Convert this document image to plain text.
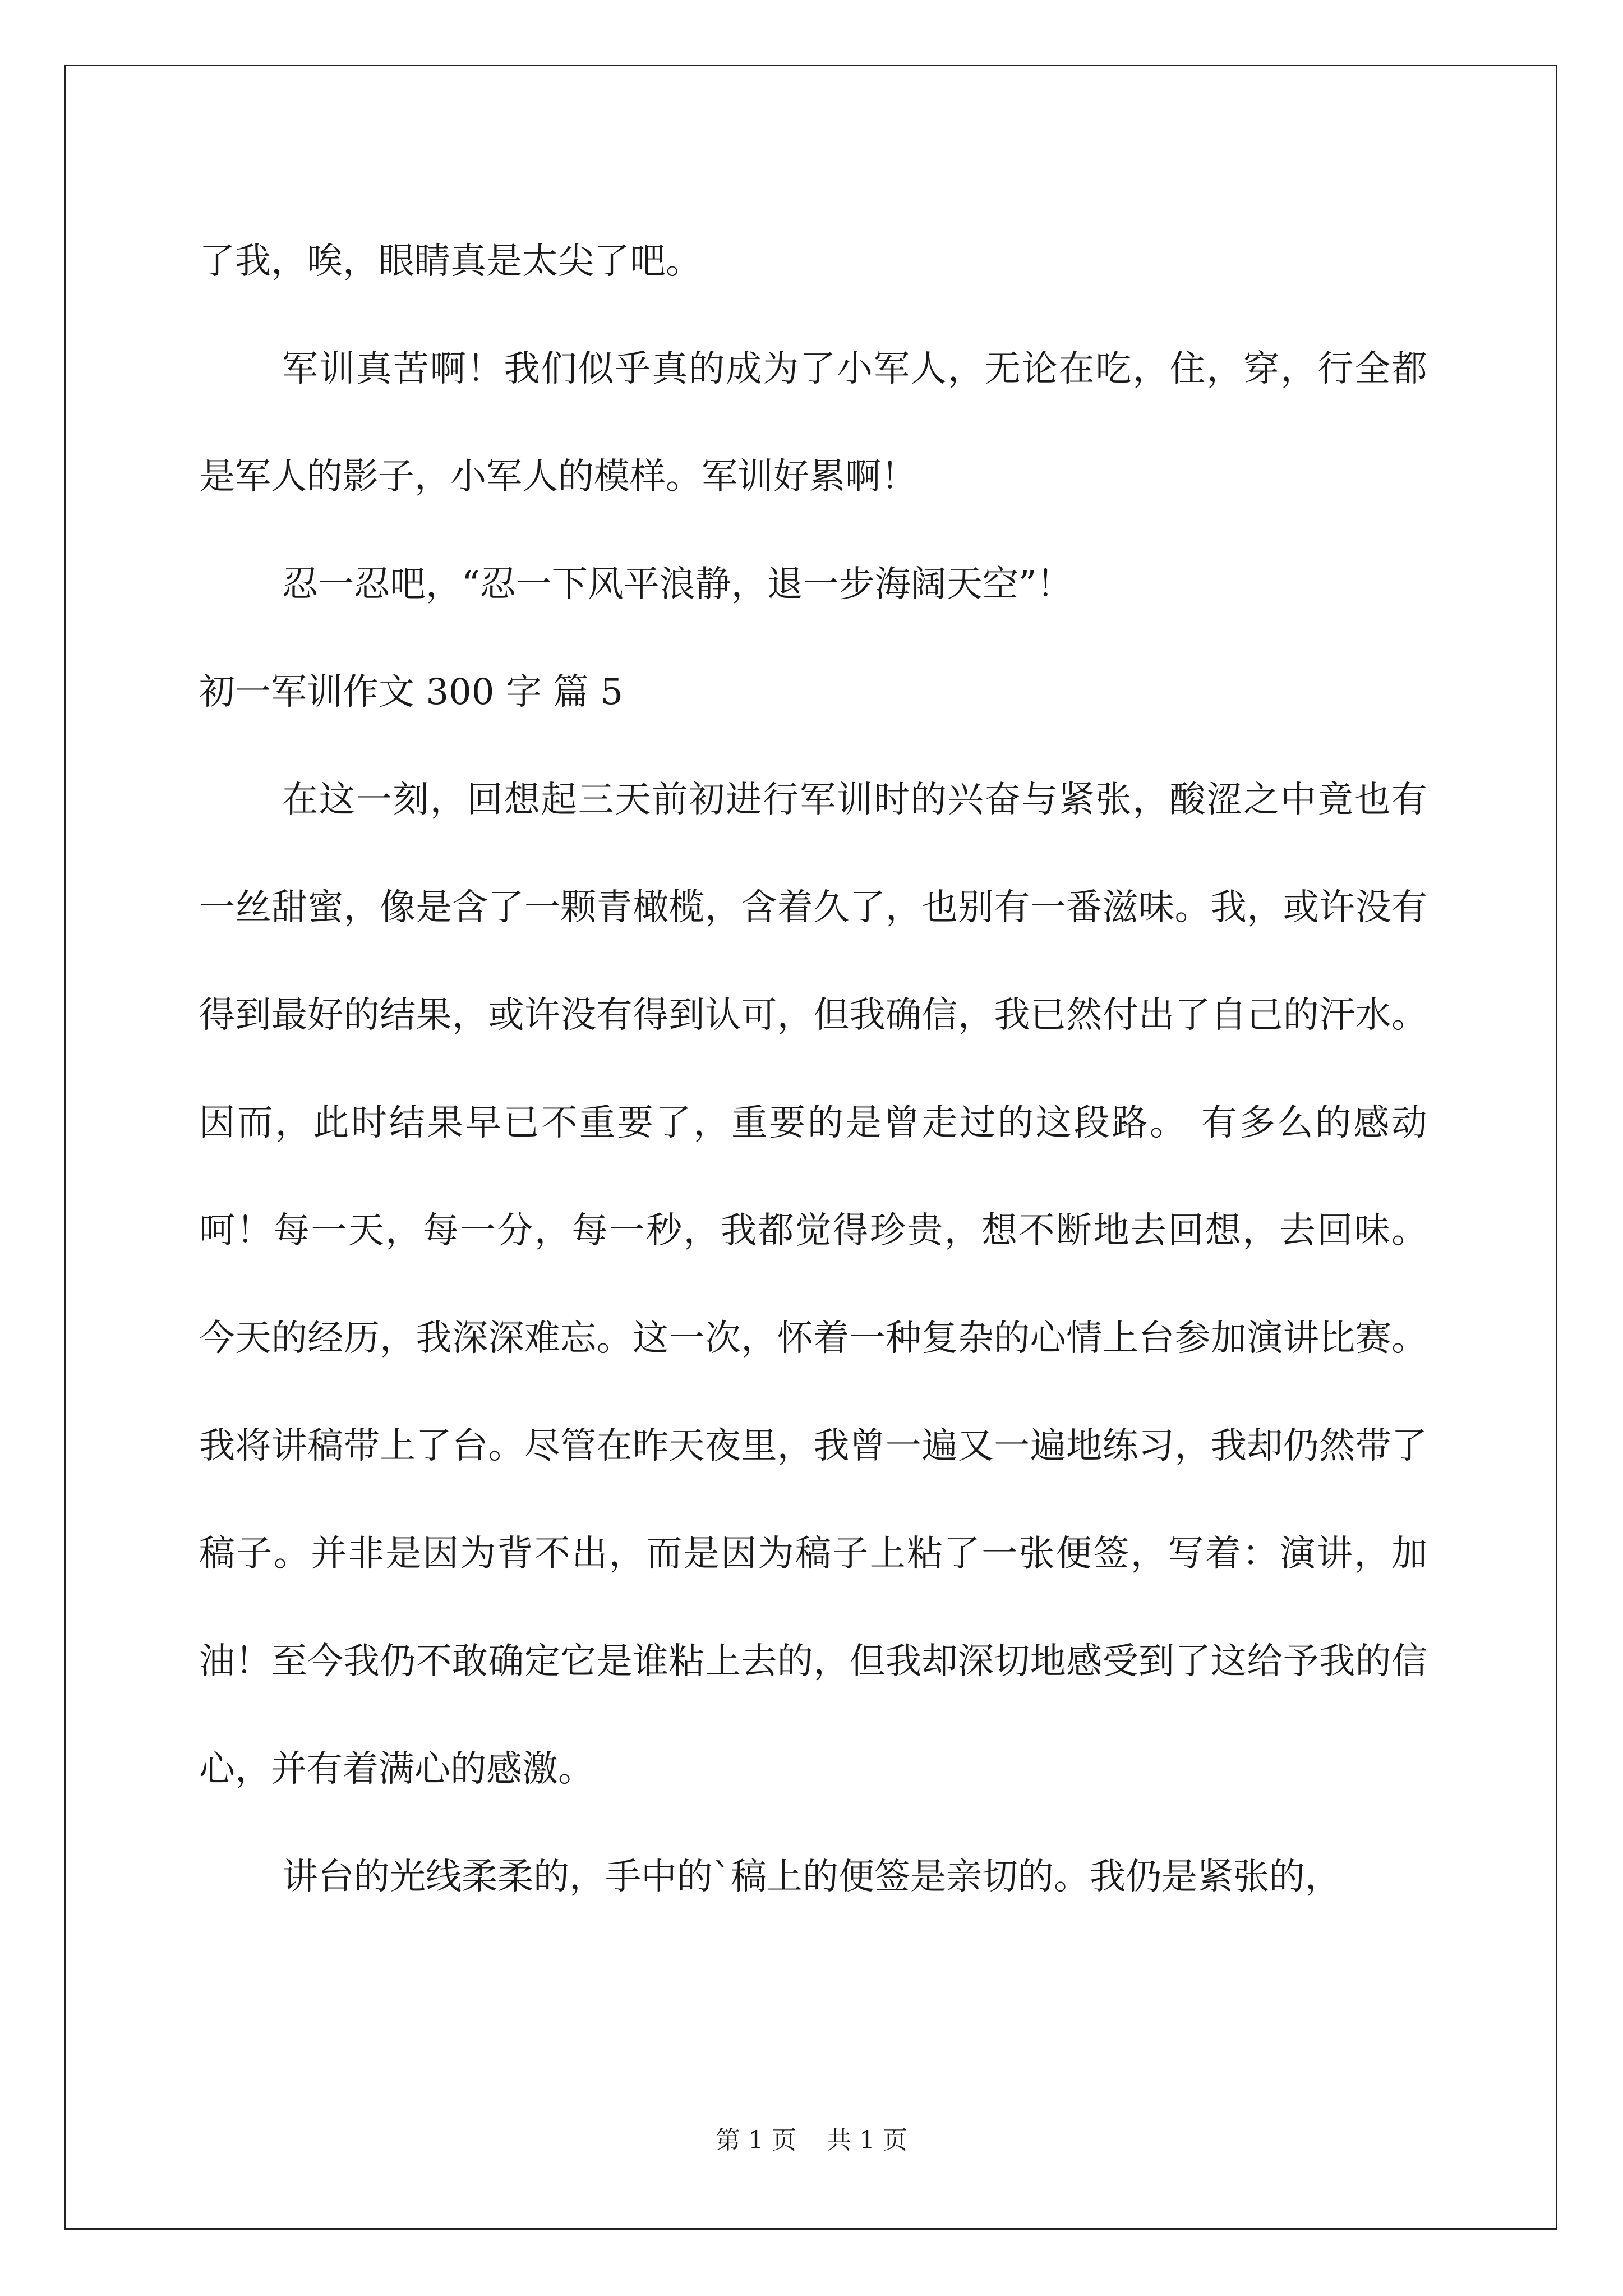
了我，唉，眼睛真是太尖了吧。

军训真苦啊！我们似乎真的成为了小军人，无论在吃，住，穿，行全都是军人的影子，小军人的模样。军训好累啊！

忍一忍吧，“忍一下风平浪静，退一步海阔天空”！

初一军训作文 300 字 篇 5

在这一刻，回想起三天前初进行军训时的兴奋与紧张，酸涩之中竟也有一丝甜蜜，像是含了一颗青橄榄，含着久了，也别有一番滋味。我，或许没有得到最好的结果，或许没有得到认可，但我确信，我已然付出了自己的汗水。因而，此时结果早已不重要了，重要的是曾走过的这段路。 有多么的感动呵！每一天，每一分，每一秒，我都觉得珍贵，想不断地去回想，去回味。 今天的经历，我深深难忘。这一次，怀着一种复杂的心情上台参加演讲比赛。我将讲稿带上了台。尽管在昨天夜里，我曾一遍又一遍地练习，我却仍然带了稿子。并非是因为背不出，而是因为稿子上粘了一张便签，写着：演讲，加油！至今我仍不敢确定它是谁粘上去的，但我却深切地感受到了这给予我的信心，并有着满心的感激。

讲台的光线柔柔的，手中的`稿上的便签是亲切的。我仍是紧张的，

第 1 页 共 1 页
